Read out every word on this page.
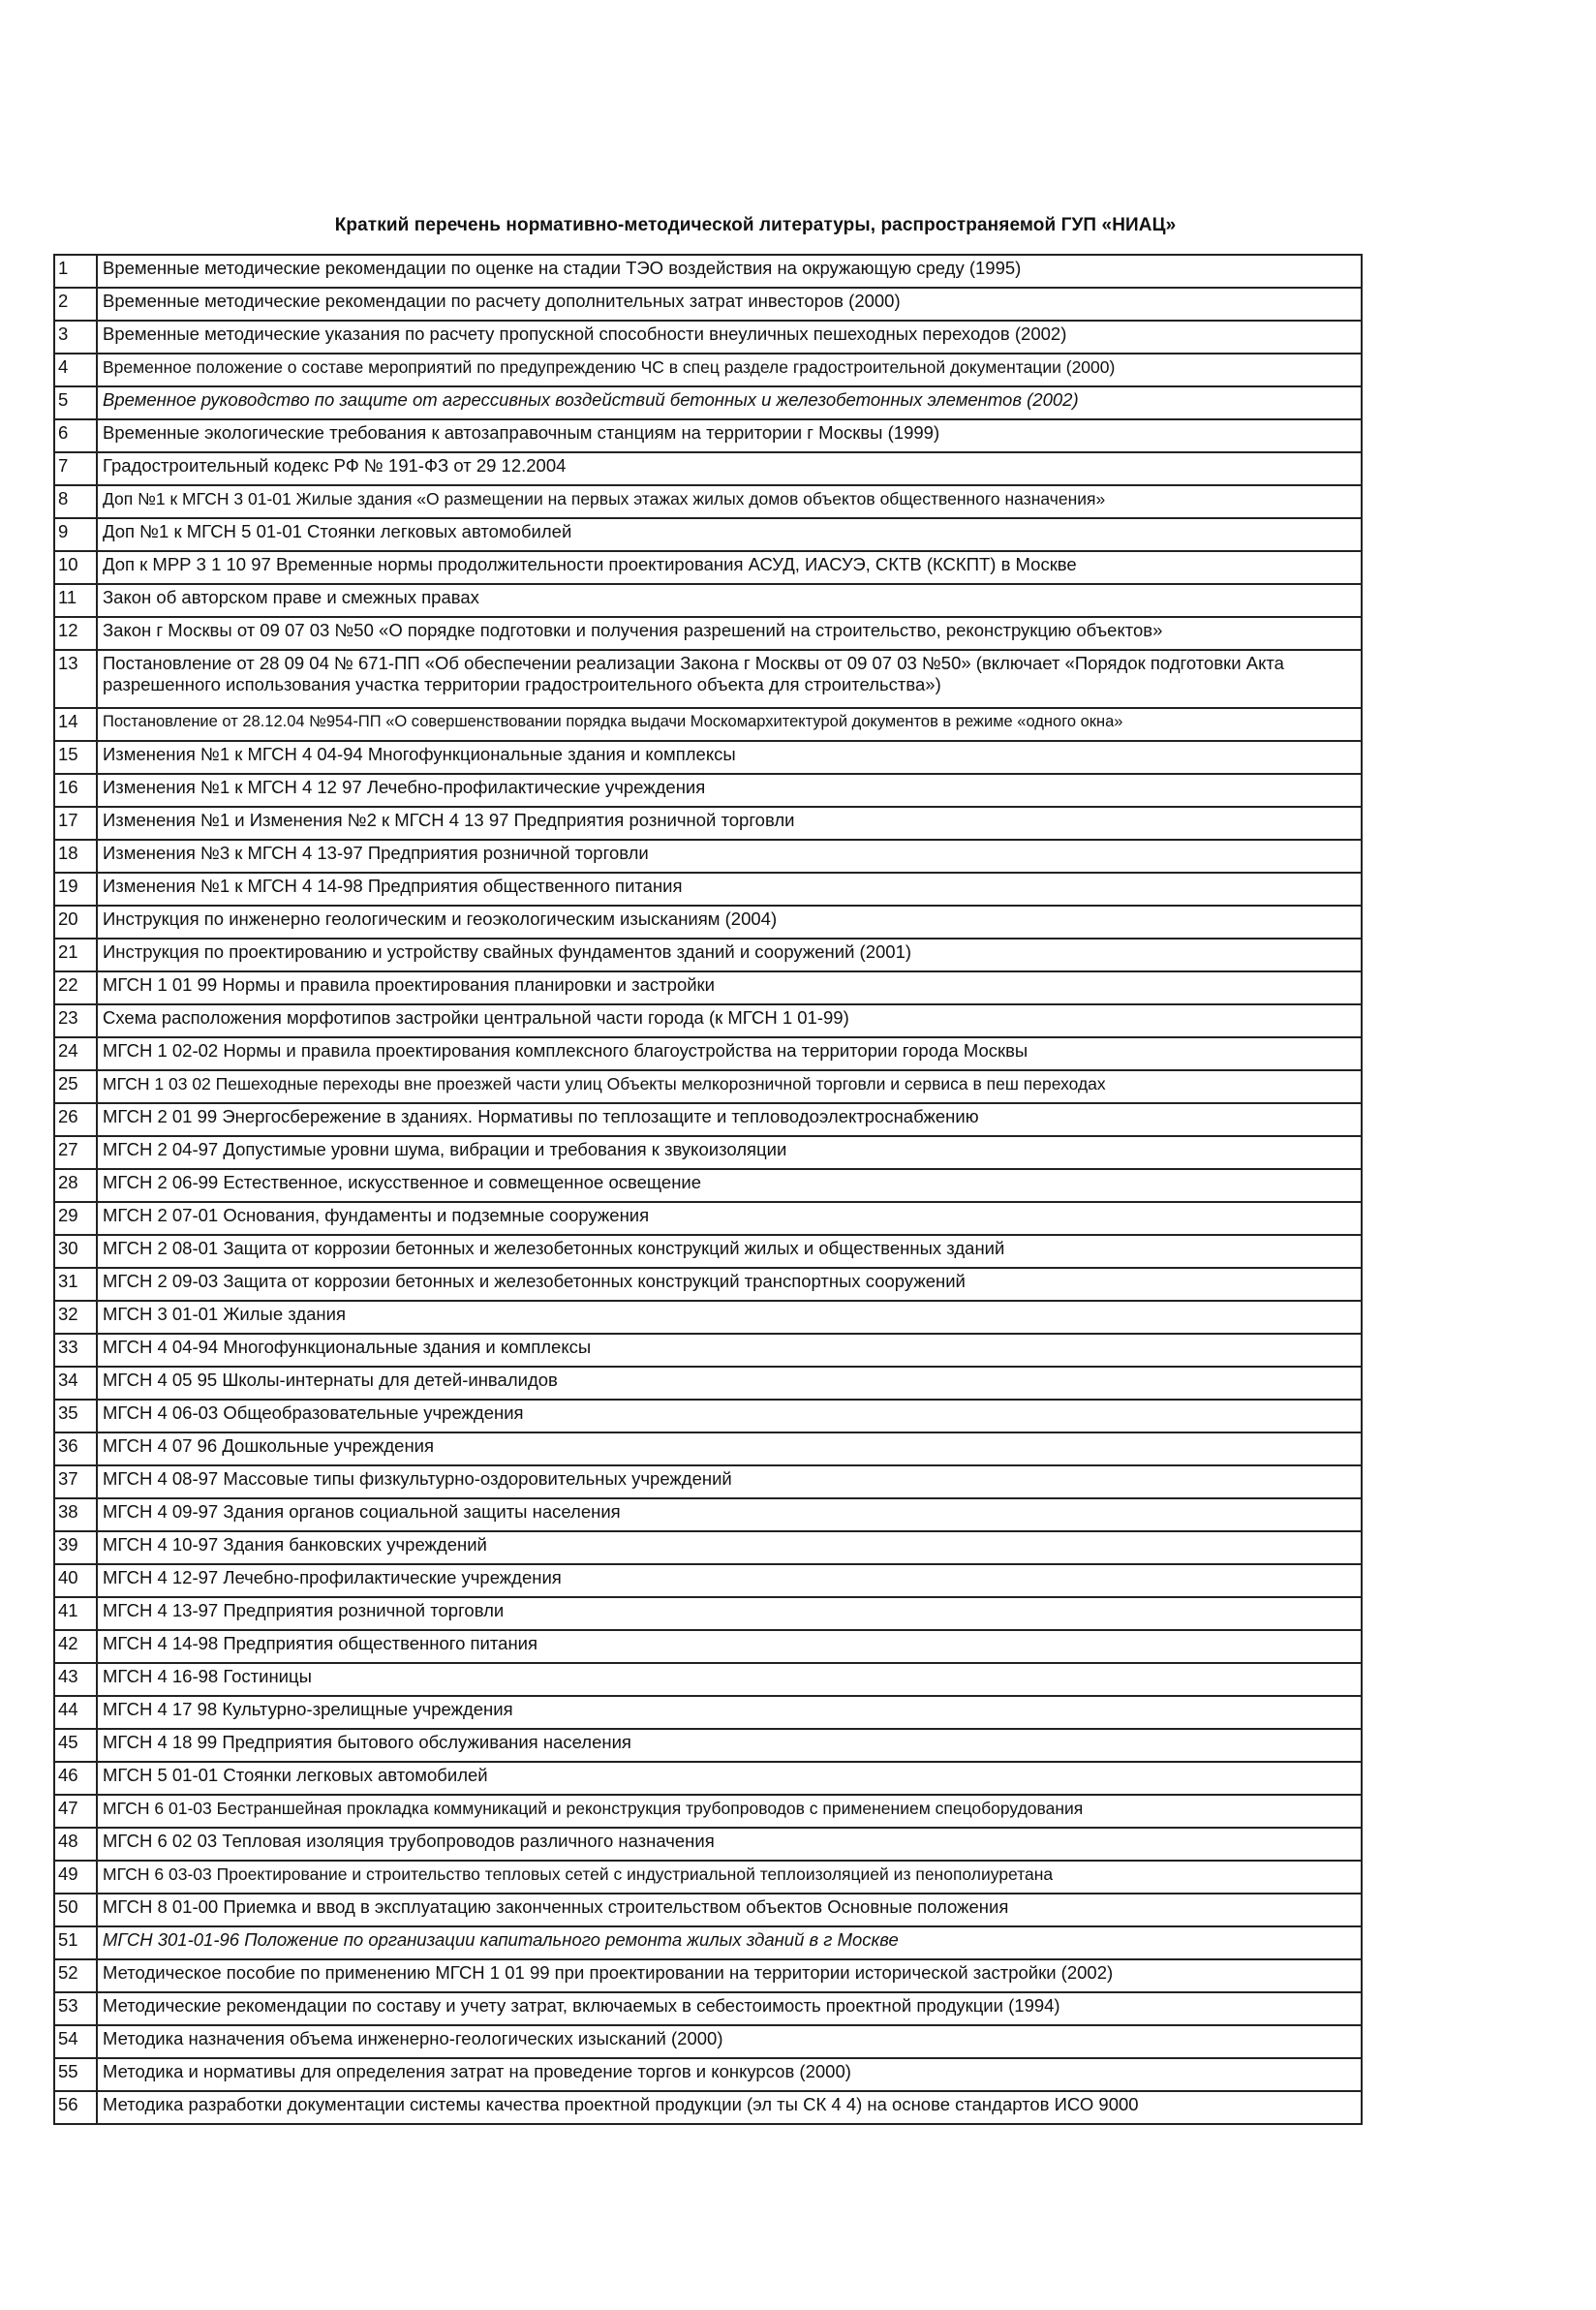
Краткий перечень нормативно-методической литературы, распространяемой ГУП «НИАЦ»
1	Временные методические рекомендации по оценке на стадии ТЭО воздействия на окружающую среду (1995)
2	Временные методические рекомендации по расчету дополнительных затрат инвесторов (2000)
3	Временные методические указания по расчету пропускной способности внеуличных пешеходных переходов (2002)
4	Временное положение о составе мероприятий по предупреждению ЧС в спец разделе градостроительной документации (2000)
5	Временное руководство по защите от агрессивных воздействий бетонных и железобетонных элементов (2002)
6	Временные экологические требования к автозаправочным станциям на территории г Москвы (1999)
7	Градостроительный кодекс РФ № 191-ФЗ от 29 12.2004
8	Доп №1 к МГСН 3 01-01 Жилые здания «О размещении на первых этажах жилых домов объектов общественного назначения»
9	Доп №1 к МГСН 5 01-01 Стоянки легковых автомобилей
10	Доп к МРР 3 1 10 97 Временные нормы продолжительности проектирования АСУД, ИАСУЭ, СКТВ (КСКПТ) в Москве
11	Закон об авторском праве и смежных правах
12	Закон г Москвы от 09 07 03 №50 «О порядке подготовки и получения разрешений на строительство, реконструкцию объектов»
13	Постановление от 28 09 04 № 671-ПП «Об обеспечении реализации Закона г Москвы от 09 07 03 №50» (включает «Порядок подготовки Акта разрешенного использования участка территории градостроительного объекта для строительства»)
14	Постановление от 28.12.04 №954-ПП «О совершенствовании порядка выдачи Москомархитектурой документов в режиме «одного окна»
15	Изменения №1 к МГСН 4 04-94 Многофункциональные здания и комплексы
16	Изменения №1 к МГСН 4 12 97 Лечебно-профилактические учреждения
17	Изменения №1 и Изменения №2 к МГСН 4 13 97 Предприятия розничной торговли
18	Изменения №3 к МГСН 4 13-97 Предприятия розничной торговли
19	Изменения №1 к МГСН 4 14-98 Предприятия общественного питания
20	Инструкция по инженерно геологическим и геоэкологическим изысканиям (2004)
21	Инструкция по проектированию и устройству свайных фундаментов зданий и сооружений (2001)
22	МГСН 1 01 99 Нормы и правила проектирования планировки и застройки
23	Схема расположения морфотипов застройки центральной части города (к МГСН 1 01-99)
24	МГСН 1 02-02 Нормы и правила проектирования комплексного благоустройства на территории города Москвы
25	МГСН 1 03 02 Пешеходные переходы вне проезжей части улиц Объекты мелкорозничной торговли и сервиса в пеш переходах
26	МГСН 2 01 99 Энергосбережение в зданиях. Нормативы по теплозащите и тепловодоэлектроснабжению
27	МГСН 2 04-97 Допустимые уровни шума, вибрации и требования к звукоизоляции
28	МГСН 2 06-99 Естественное, искусственное и совмещенное освещение
29	МГСН 2 07-01 Основания, фундаменты и подземные сооружения
30	МГСН 2 08-01 Защита от коррозии бетонных и железобетонных конструкций жилых и общественных зданий
31	МГСН 2 09-03 Защита от коррозии бетонных и железобетонных конструкций транспортных сооружений
32	МГСН 3 01-01 Жилые здания
33	МГСН 4 04-94 Многофункциональные здания и комплексы
34	МГСН 4 05 95 Школы-интернаты для детей-инвалидов
35	МГСН 4 06-03 Общеобразовательные учреждения
36	МГСН 4 07 96 Дошкольные учреждения
37	МГСН 4 08-97 Массовые типы физкультурно-оздоровительных учреждений
38	МГСН 4 09-97 Здания органов социальной защиты населения
39	МГСН 4 10-97 Здания банковских учреждений
40	МГСН 4 12-97 Лечебно-профилактические учреждения
41	МГСН 4 13-97 Предприятия розничной торговли
42	МГСН 4 14-98 Предприятия общественного питания
43	МГСН 4 16-98 Гостиницы
44	МГСН 4 17 98 Культурно-зрелищные учреждения
45	МГСН 4 18 99 Предприятия бытового обслуживания населения
46	МГСН 5 01-01 Стоянки легковых автомобилей
47	МГСН 6 01-03 Бестраншейная прокладка коммуникаций и реконструкция трубопроводов с применением спецоборудования
48	МГСН 6 02 03 Тепловая изоляция трубопроводов различного назначения
49	МГСН 6 03-03 Проектирование и строительство тепловых сетей с индустриальной теплоизоляцией из пенополиуретана
50	МГСН 8 01-00 Приемка и ввод в эксплуатацию законченных строительством объектов Основные положения
51	МГСН 301-01-96 Положение по организации капитального ремонта жилых зданий в г Москве
52	Методическое пособие по применению МГСН 1 01 99 при проектировании на территории исторической застройки (2002)
53	Методические рекомендации по составу и учету затрат, включаемых в себестоимость проектной продукции (1994)
54	Методика назначения объема инженерно-геологических изысканий (2000)
55	Методика и нормативы для определения затрат на проведение торгов и конкурсов (2000)
56	Методика разработки документации системы качества проектной продукции (эл ты СК 4 4) на основе стандартов ИСО 9000
